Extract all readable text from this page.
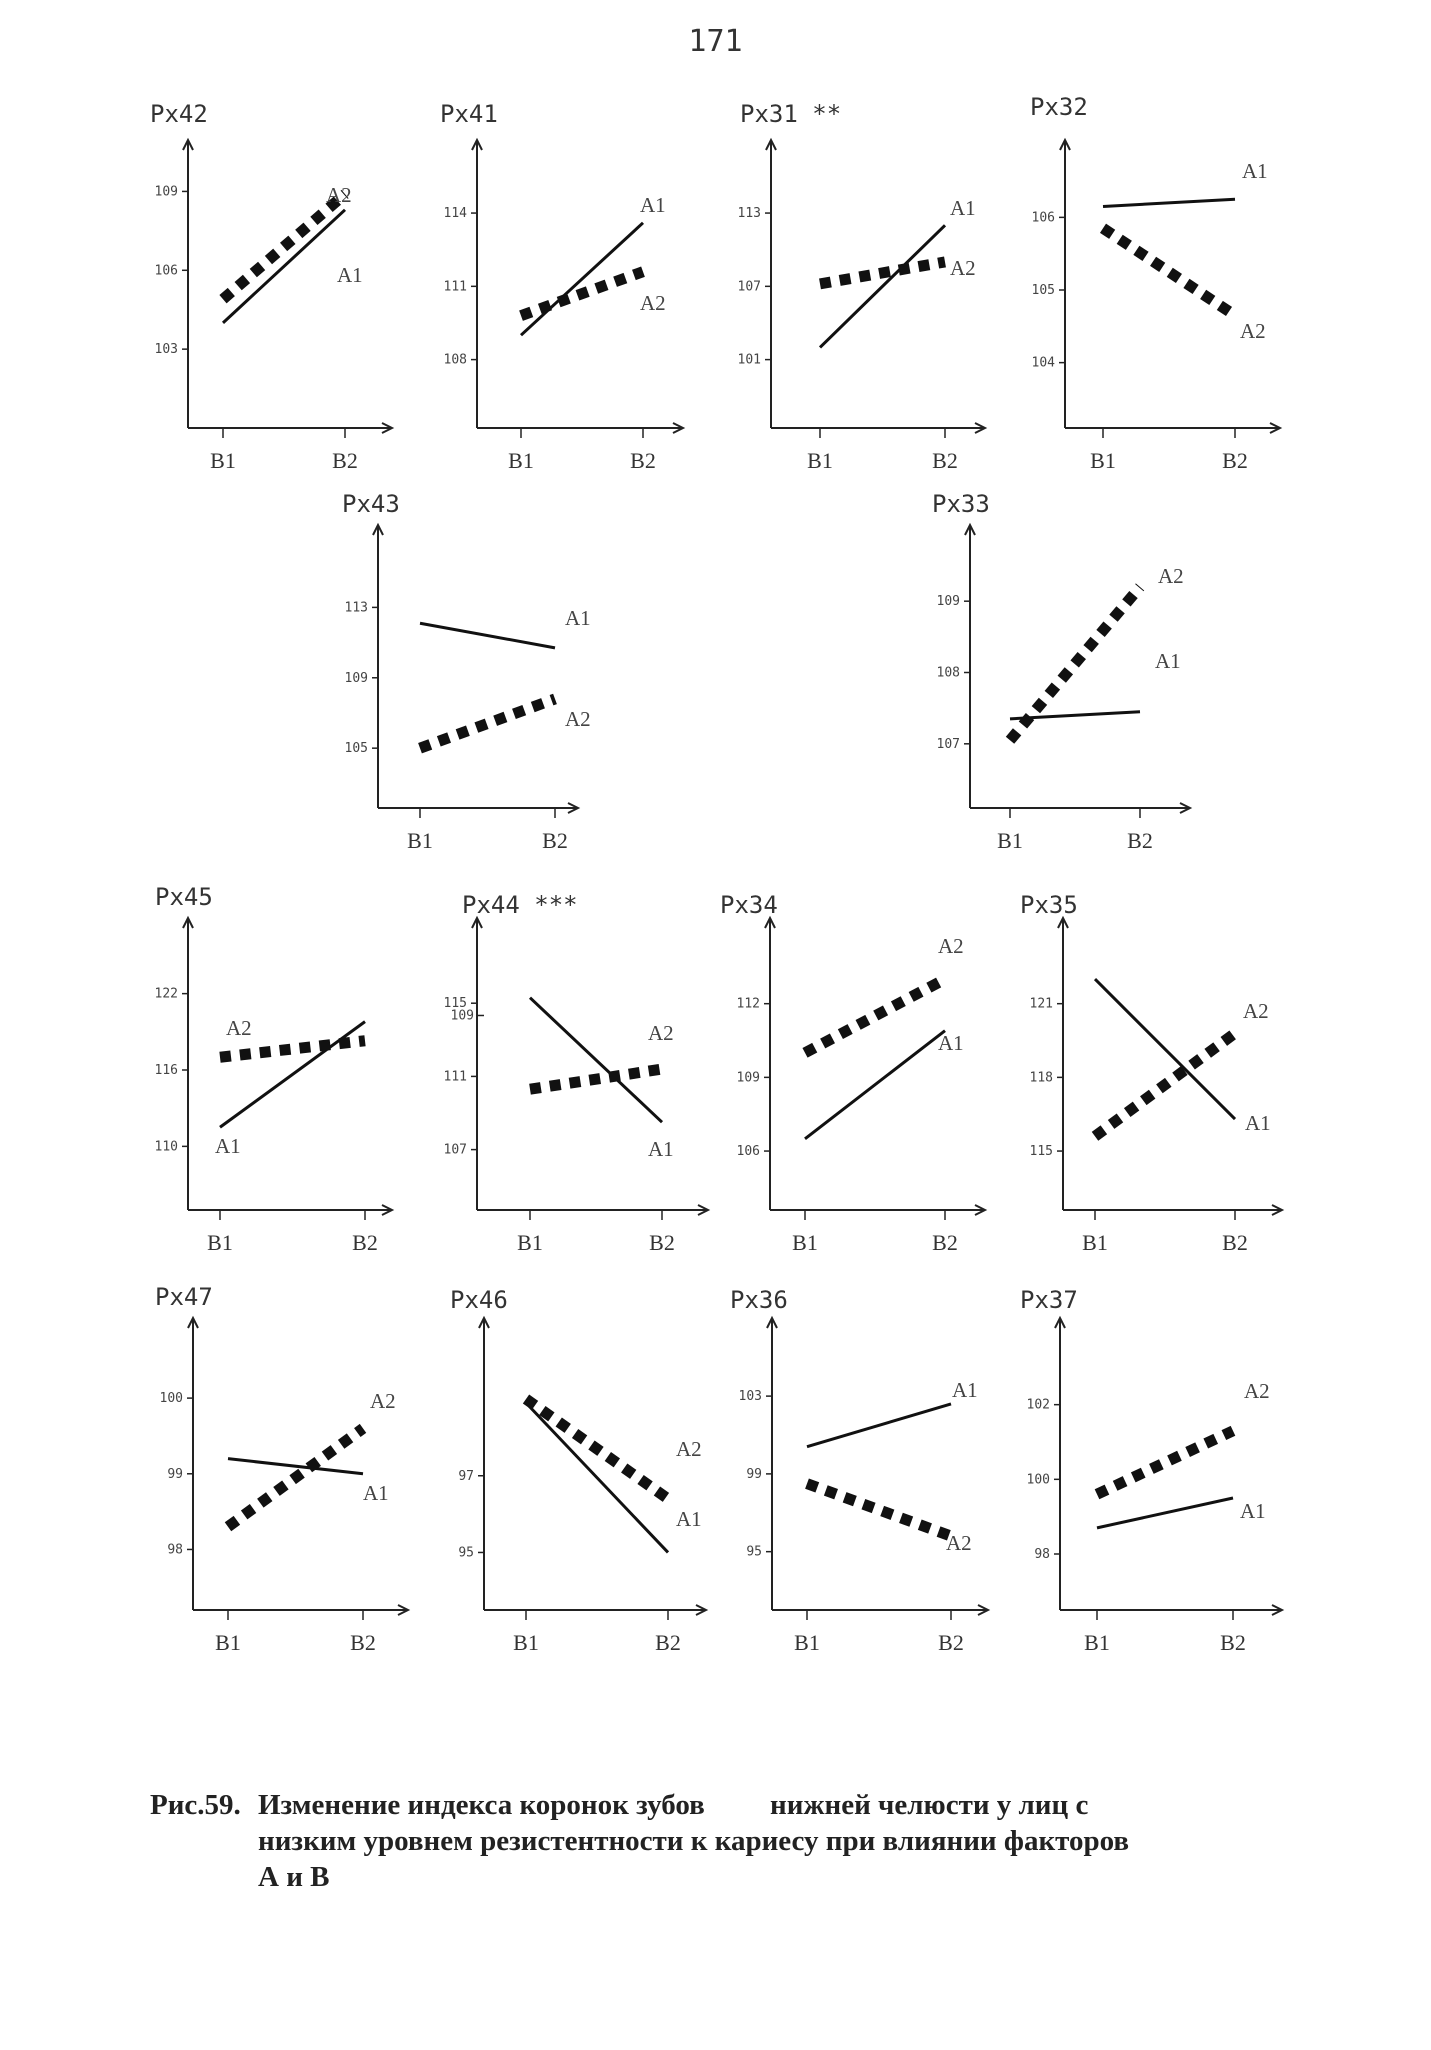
171
Рх42
103
106
109
B1	B2
A1
A2
Рх41
108
111
114
B1	B2
A1
A2
Рх31 **
101
107
113
B1	B2
A1
A2
Рх32
104
105
106
B1	B2
A1
A2
Рх43
105
109
113
B1	B2
A1
A2
Рх33
107
108
109
B1	B2
A1
A2
Рх45
110
116
122
B1	B2
A1
A2
Рх44 ***
107
111
115
B1	B2
A1
A2
Рх34
106
109
112
B1	B2
A1
A2
Рх35
115
118
121
B1	B2
A1
A2
Рх47
98
99
100
B1	B2
A1
A2
Рх46
95
97
109
B1	B2
A1
A2
Рх36
95
99
103
B1	B2
A1
A2
Рх37
98
100
102
B1	B2
A1
A2
Рис.59. Изменение индекса коронок зубов         нижней челюсти у лиц с
низким уровнем резистентности к кариесу при влиянии факторов
А и В
